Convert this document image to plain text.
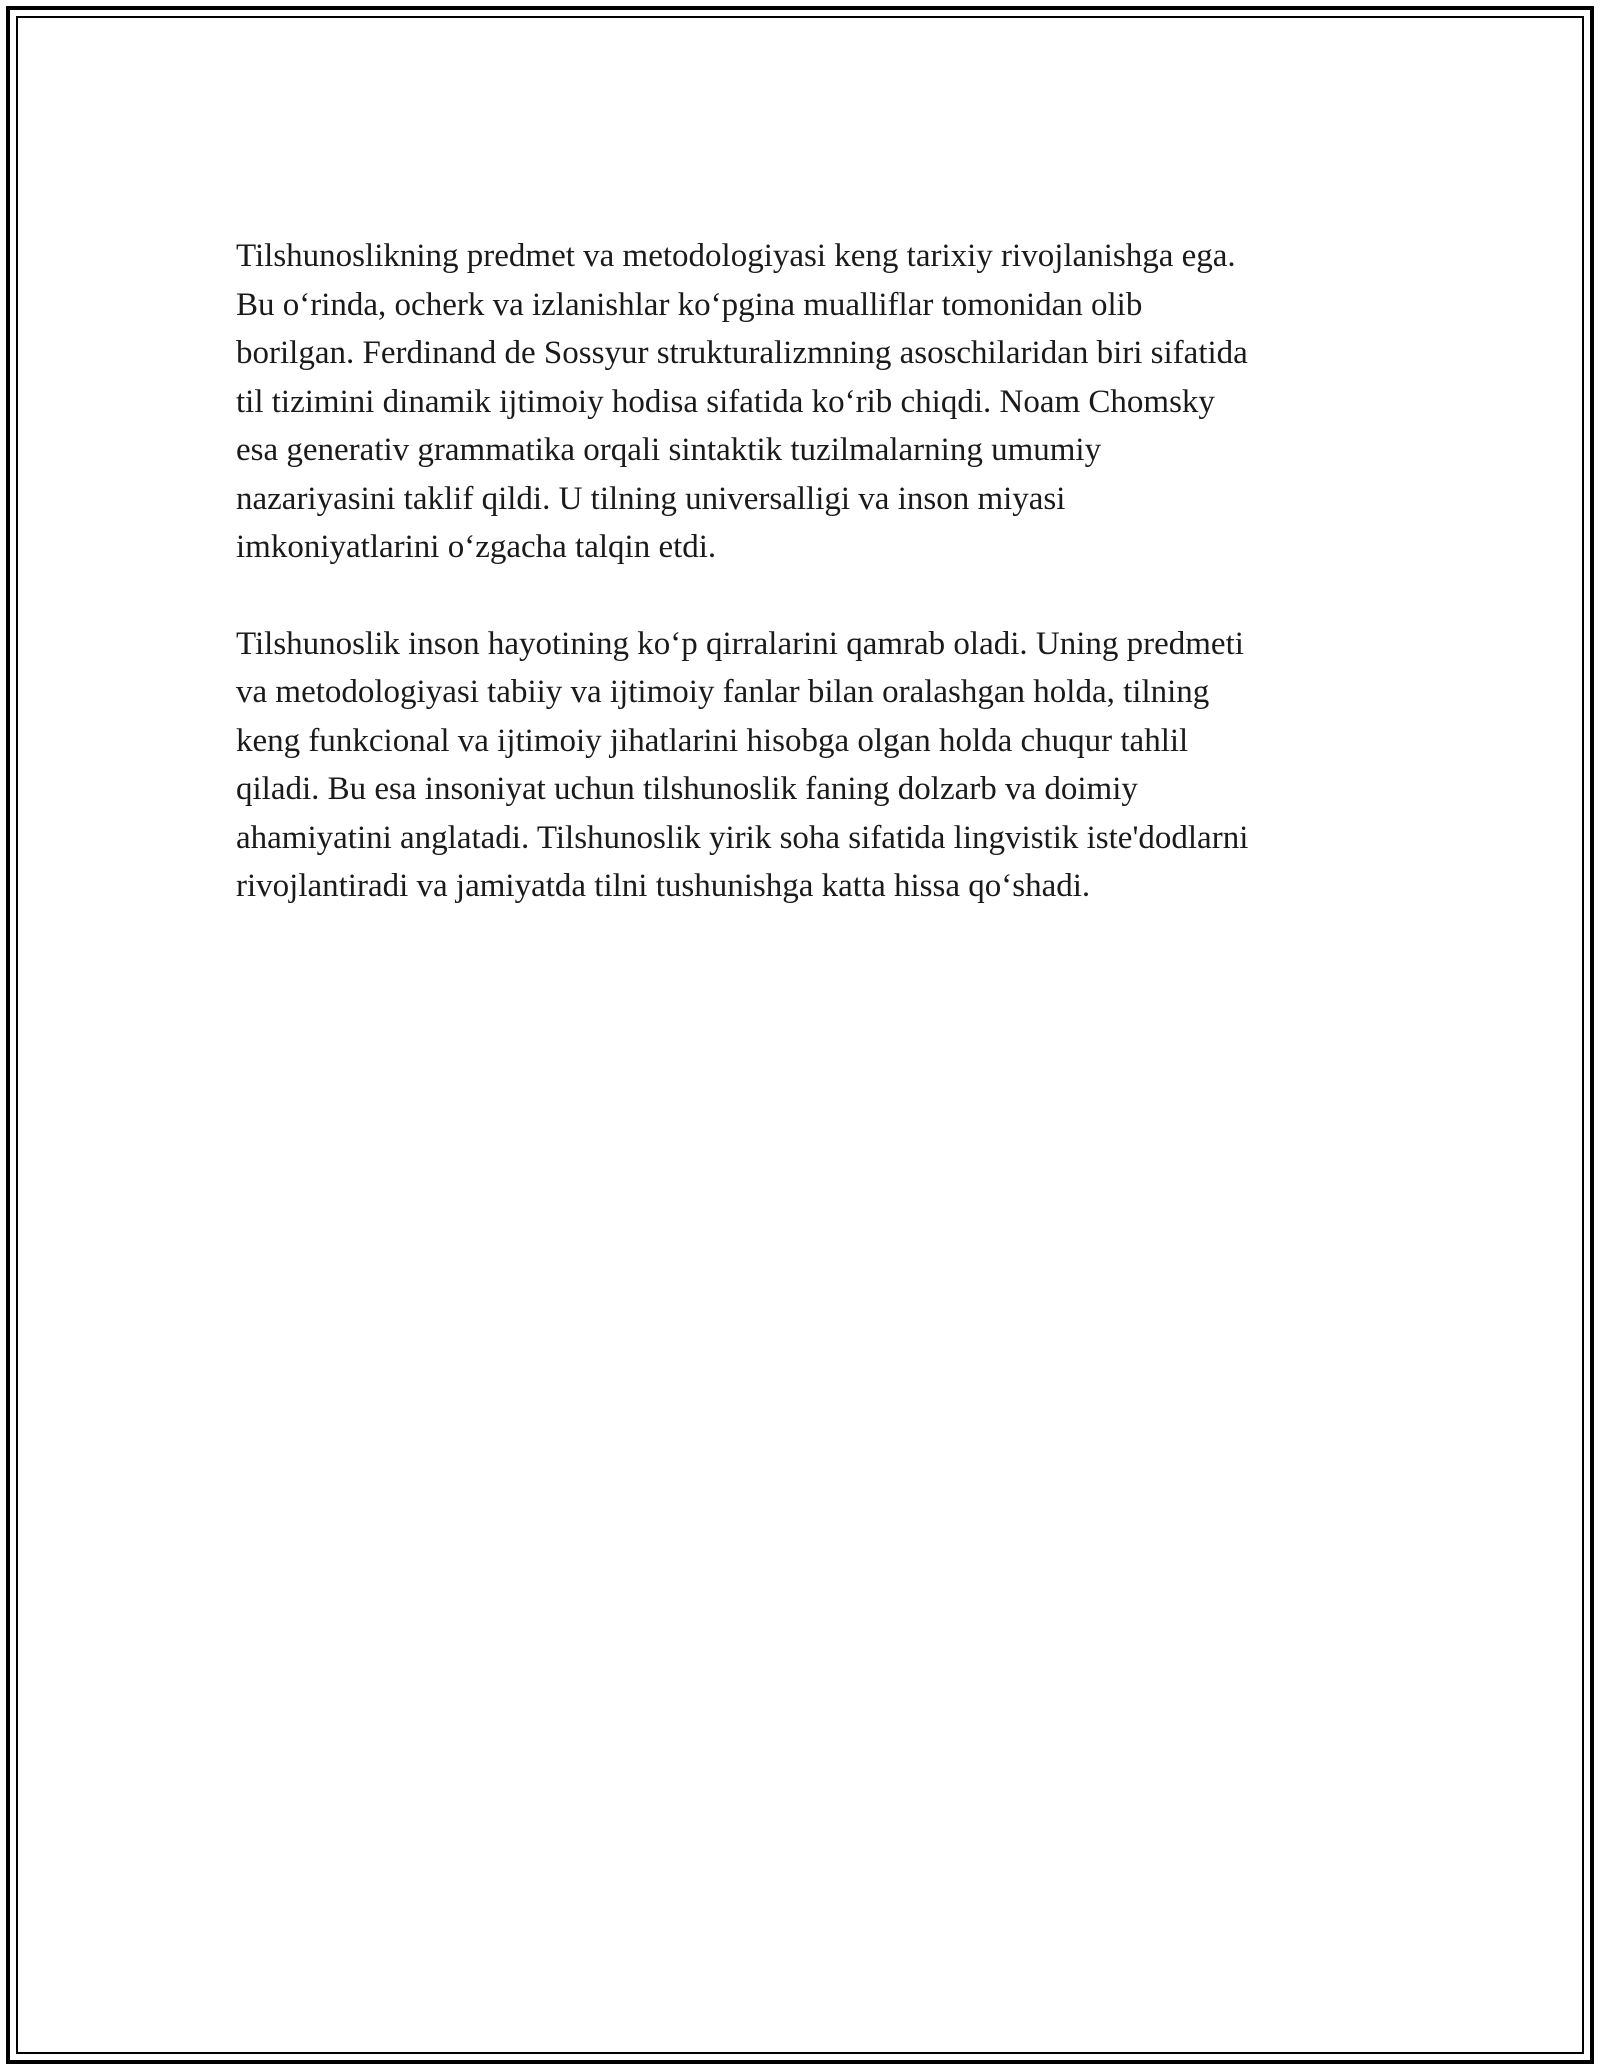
Tilshunoslikning predmet va metodologiyasi keng tarixiy rivojlanishga ega.
Bu o‘rinda, ocherk va izlanishlar ko‘pgina mualliflar tomonidan olib
borilgan. Ferdinand de Sossyur strukturalizmning asoschilaridan biri sifatida
til tizimini dinamik ijtimoiy hodisa sifatida ko‘rib chiqdi. Noam Chomsky
esa generativ grammatika orqali sintaktik tuzilmalarning umumiy
nazariyasini taklif qildi. U tilning universalligi va inson miyasi
imkoniyatlarini o‘zgacha talqin etdi.
Tilshunoslik inson hayotining ko‘p qirralarini qamrab oladi. Uning predmeti
va metodologiyasi tabiiy va ijtimoiy fanlar bilan oralashgan holda, tilning
keng funkcional va ijtimoiy jihatlarini hisobga olgan holda chuqur tahlil
qiladi. Bu esa insoniyat uchun tilshunoslik faning dolzarb va doimiy
ahamiyatini anglatadi. Tilshunoslik yirik soha sifatida lingvistik iste'dodlarni
rivojlantiradi va jamiyatda tilni tushunishga katta hissa qo‘shadi.
